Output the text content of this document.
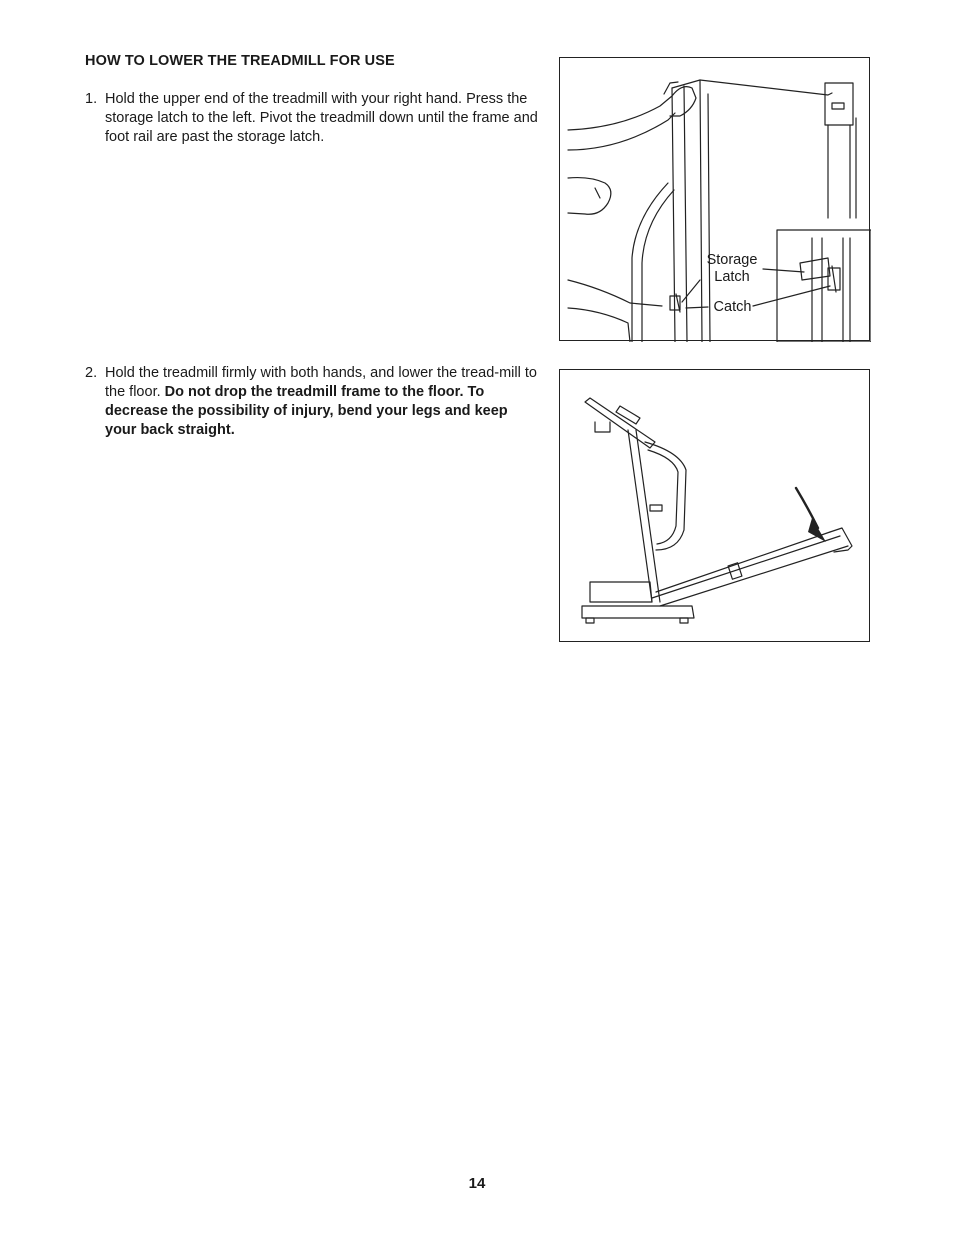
HOW TO LOWER THE TREADMILL FOR USE
1. Hold the upper end of the treadmill with your right hand. Press the storage latch to the left. Pivot the treadmill down until the frame and foot rail are past the storage latch.
2. Hold the treadmill firmly with both hands, and lower the tread-mill to the floor. Do not drop the treadmill frame to the floor. To decrease the possibility of injury, bend your legs and keep your back straight.
Storage Latch
Catch
14
